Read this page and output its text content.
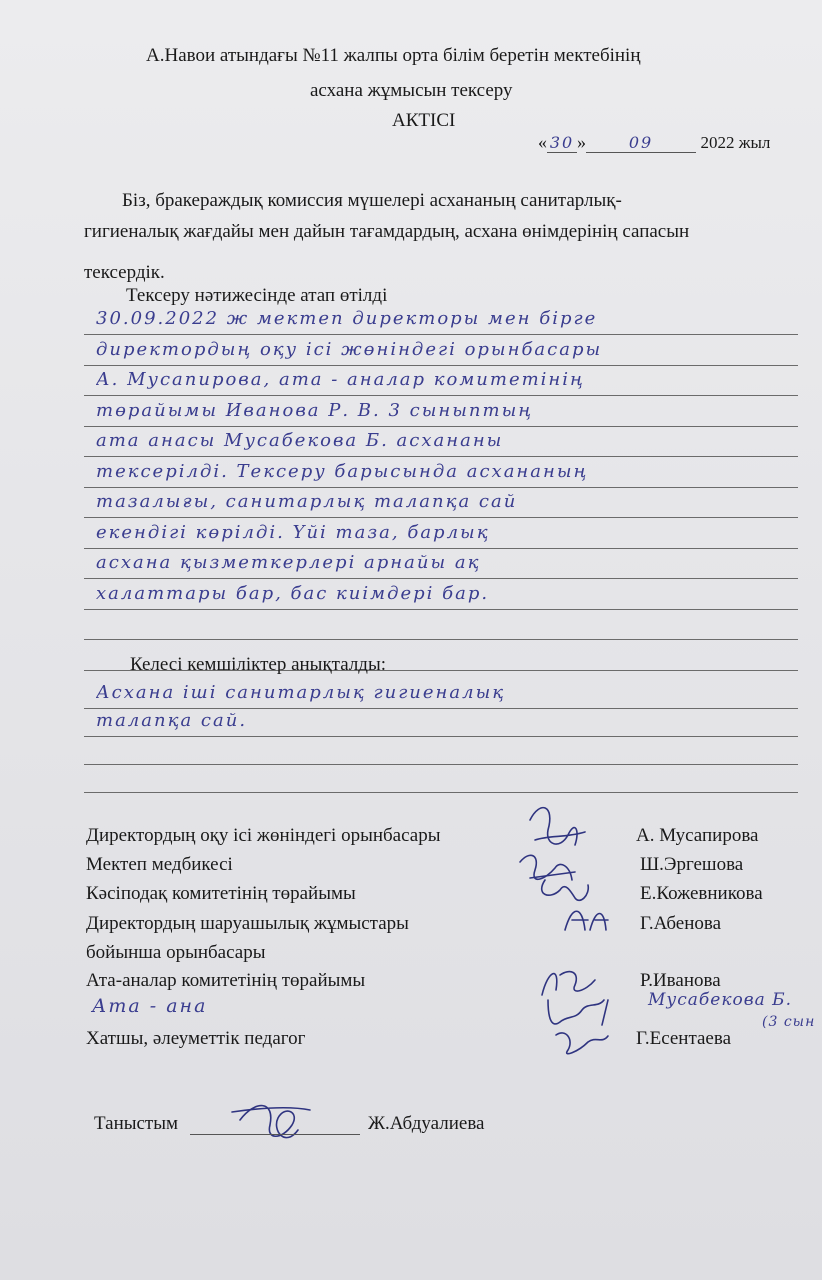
А.Навои атындағы №11 жалпы орта білім беретін мектебінің
асхана жұмысын тексеру
АКТІСІ
« 30 »	09	2022 жыл
Біз, бракераждық комиссия мүшелері асхананың санитарлық-
гигиеналық жағдайы мен дайын тағамдардың, асхана өнімдерінің сапасын
тексердік.
Тексеру нәтижесінде атап өтілді
30.09.2022 ж мектеп директоры мен бірге
директордың оқу ісі жөніндегі орынбасары
А. Мусапирова, ата - аналар комитетінің
төрайымы Иванова Р. В. 3 сыныптың
ата анасы Мусабекова Б. асхананы
тексерілді. Тексеру барысында асхананың
тазалығы, санитарлық талапқа сай
екендігі көрілді. Үйі таза, барлық
асхана қызметкерлері арнайы ақ
халаттары бар, бас киімдері бар.
Келесі кемшіліктер анықталды:
Асхана іші санитарлық гигиеналық
талапқа сай.
Директордың оқу ісі жөніндегі орынбасары	А. Мусапирова
Мектеп медбикесі	Ш.Эргешова
Кәсіподақ комитетінің төрайымы	Е.Кожевникова
Директордың шаруашылық жұмыстары
бойынша орынбасары
Г.Абенова
Ата-аналар комитетінің төрайымы	Р.Иванова
Ата - ана	Мусабекова Б.
(3 сын
Хатшы, әлеуметтік педагог	Г.Есентаева
Таныстым	Ж.Абдуалиева
